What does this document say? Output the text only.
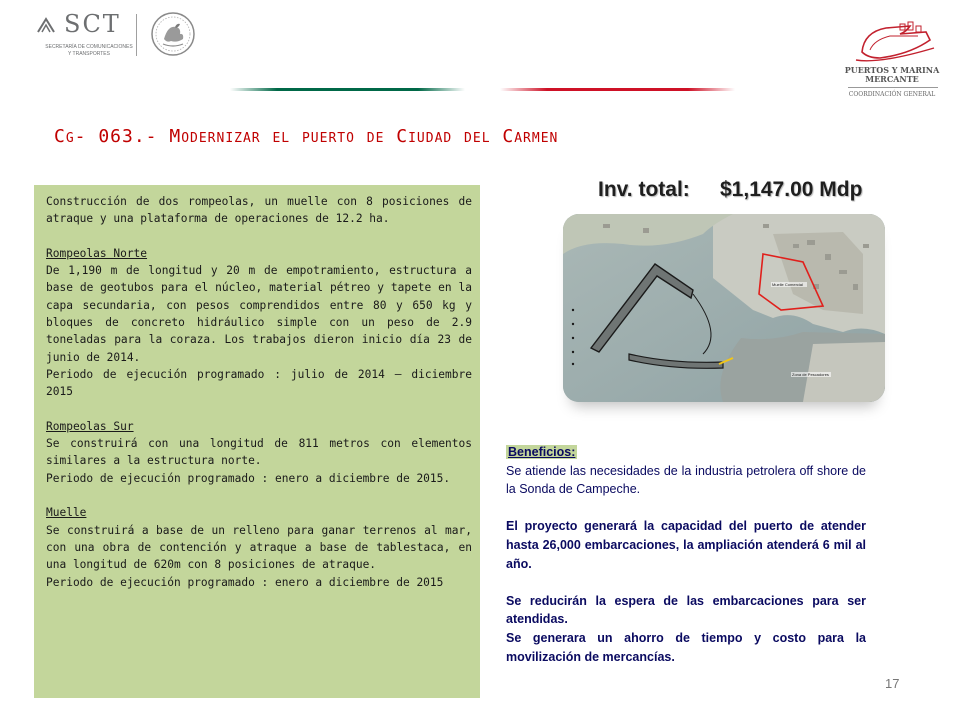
SCT
SECRETARÍA DE COMUNICACIONES
Y TRANSPORTES
PUERTOS Y MARINA
MERCANTE
COORDINACIÓN GENERAL
Cg- 063.- Modernizar el puerto de Ciudad del Carmen

Construcción de dos rompeolas, un muelle con 8 posiciones de atraque y una plataforma de operaciones de 12.2 ha.

Rompeolas Norte

De 1,190 m de longitud y 20 m de empotramiento, estructura a base de geotubos para el núcleo, material pétreo y tapete en la capa secundaria, con pesos comprendidos entre 80 y 650 kg y bloques de concreto hidráulico simple con un peso de 2.9 toneladas para la coraza. Los trabajos dieron inicio día 23 de junio de 2014.

Periodo de ejecución programado : julio de 2014 – diciembre 2015

Rompeolas Sur

Se construirá con una longitud de 811 metros con elementos similares a la estructura norte.

Periodo de ejecución programado : enero a diciembre de 2015.

Muelle

Se construirá a base de un relleno para ganar terrenos al mar, con una obra de contención y atraque a base de tablestaca, en una longitud de 620m con 8 posiciones de atraque.

Periodo de ejecución programado : enero a diciembre de 2015

Inv. total: $1,147.00 Mdp
Muelle Comercial
Zona de Pescadores

Beneficios:

Se atiende las necesidades de la industria petrolera off shore de la Sonda de Campeche.

El proyecto generará la capacidad del puerto de atender hasta 26,000 embarcaciones, la ampliación atenderá 6 mil al año.

Se reducirán la espera de las embarcaciones para ser atendidas.

Se generara un ahorro de tiempo y costo para la movilización de mercancías.

17
